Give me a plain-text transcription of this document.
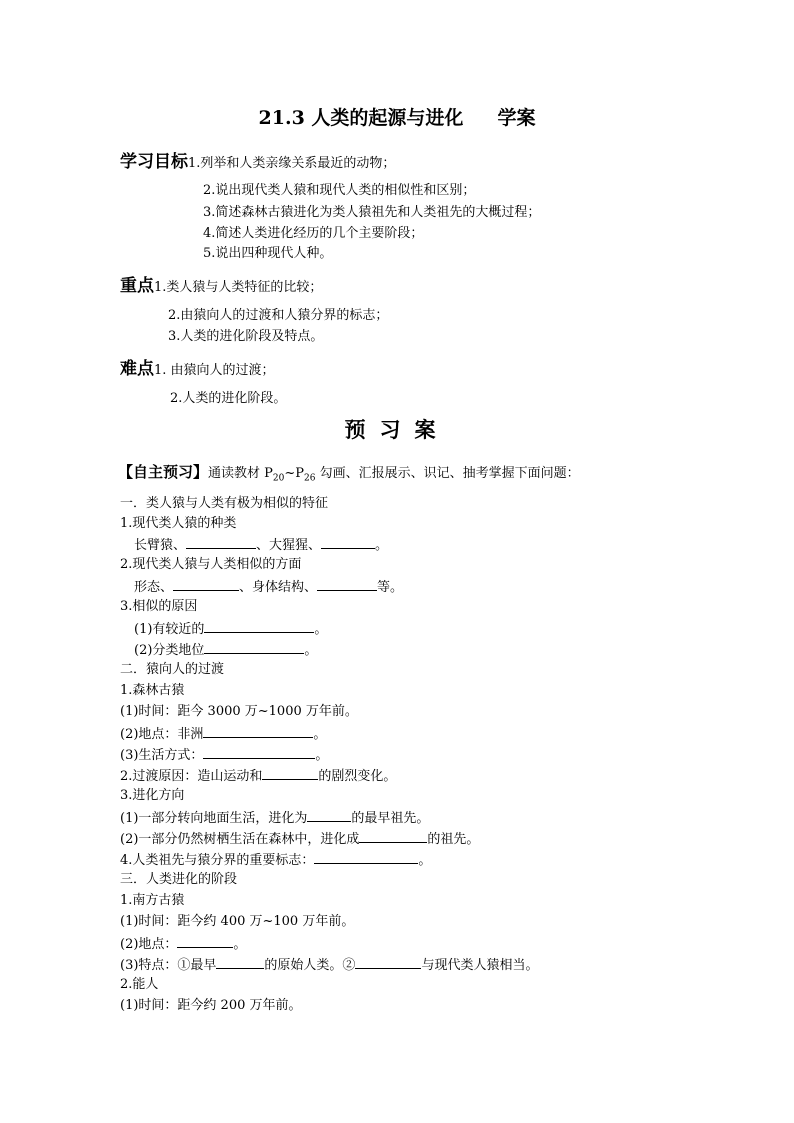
21.3 人类的起源与进化 学案
学习目标1.列举和人类亲缘关系最近的动物；
2.说出现代类人猿和现代人类的相似性和区别；
3.简述森林古猿进化为类人猿祖先和人类祖先的大概过程；
4.简述人类进化经历的几个主要阶段；
5.说出四种现代人种。
重点1.类人猿与人类特征的比较；
2.由猿向人的过渡和人猿分界的标志；
3.人类的进化阶段及特点。
难点1. 由猿向人的过渡；
2.人类的进化阶段。
预习案
【自主预习】通读教材 $P_{20}\sim P_{26}$ 勾画、汇报展示、识记、抽考掌握下面问题：
一．类人猿与人类有极为相似的特征
1.现代类人猿的种类
长臂猿、	、大猩猩、	。
2.现代类人猿与人类相似的方面
形态、	、身体结构、	等。
3.相似的原因
(1)有较近的	。
(2)分类地位	。
二．猿向人的过渡
1.森林古猿
(1)时间：距今 3000 万~1000 万年前。
(2)地点：非洲	。
(3)生活方式：	。
2.过渡原因：造山运动和	的剧烈变化。
3.进化方向
(1)一部分转向地面生活，进化为	的最早祖先。
(2)一部分仍然树栖生活在森林中，进化成	的祖先。
4.人类祖先与猿分界的重要标志：	。
三．人类进化的阶段
1.南方古猿
(1)时间：距今约 400 万~100 万年前。
(2)地点：	。
(3)特点：①最早	的原始人类。②	与现代类人猿相当。
2.能人
(1)时间：距今约 200 万年前。
